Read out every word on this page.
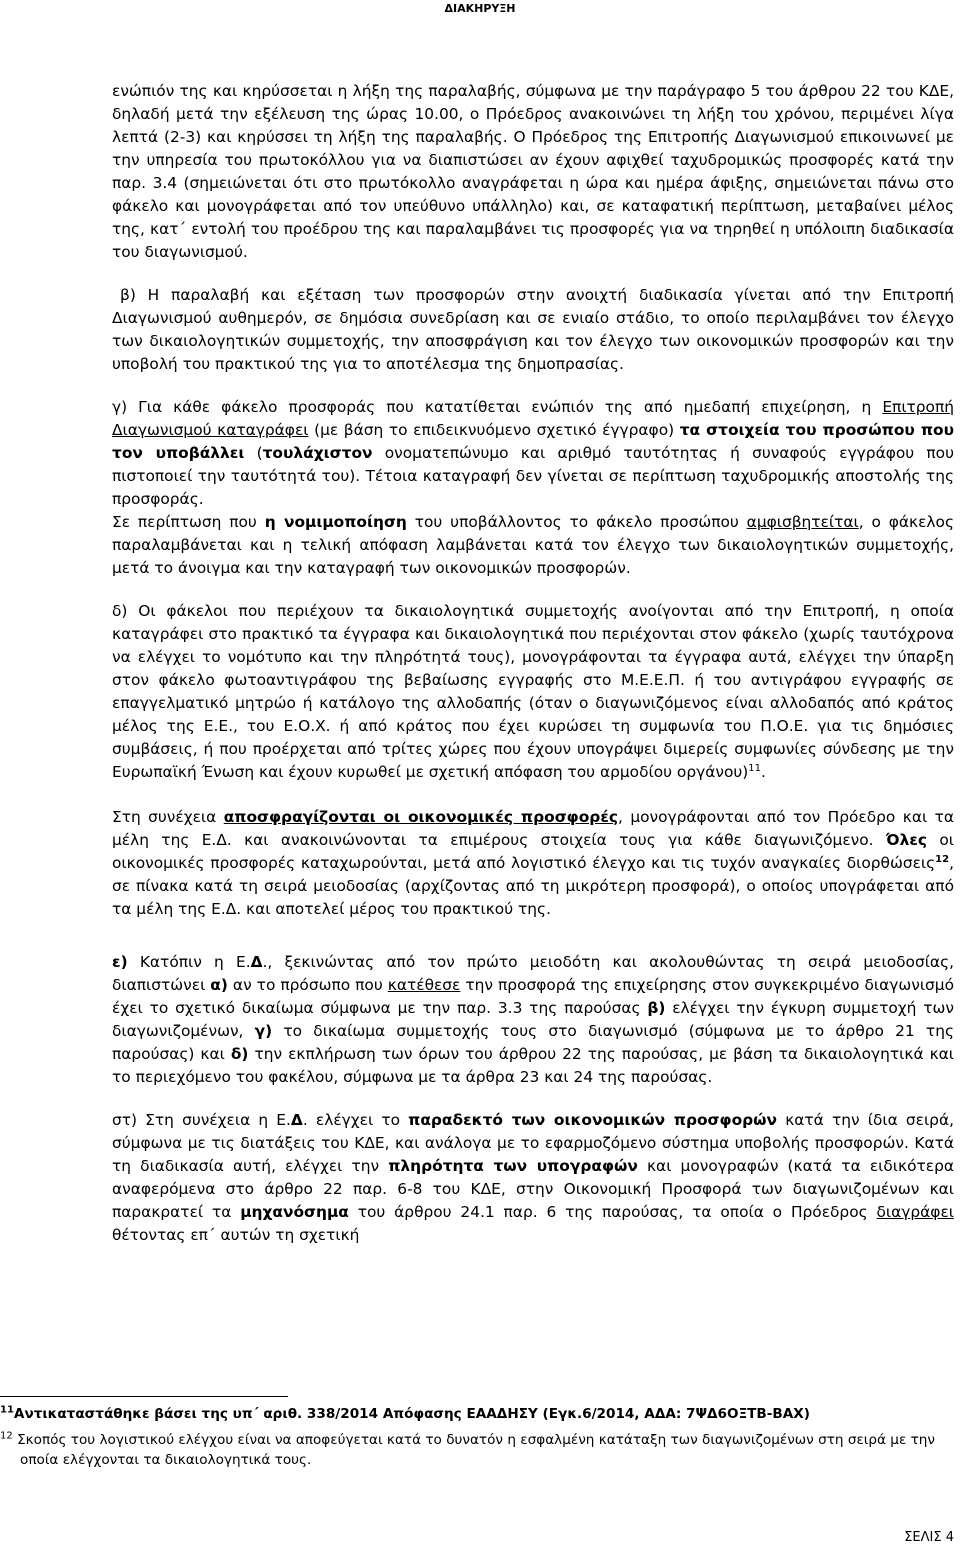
ΔΙΑΚΗΡΥΞΗ

ενώπιόν της και κηρύσσεται η λήξη της παραλαβής, σύμφωνα με την παράγραφο 5 του άρθρου 22 του ΚΔΕ, δηλαδή μετά την εξέλευση της ώρας 10.00, ο Πρόεδρος ανακοινώνει τη λήξη του χρόνου, περιμένει λίγα λεπτά (2-3) και κηρύσσει τη λήξη της παραλαβής. Ο Πρόεδρος της Επιτροπής Διαγωνισμού επικοινωνεί με την υπηρεσία του πρωτοκόλλου για να διαπιστώσει αν έχουν αφιχθεί ταχυδρομικώς προσφορές κατά την παρ. 3.4 (σημειώνεται ότι στο πρωτόκολλο αναγράφεται η ώρα και ημέρα άφιξης, σημειώνεται πάνω στο φάκελο και μονογράφεται από τον υπεύθυνο υπάλληλο) και, σε καταφατική περίπτωση, μεταβαίνει μέλος της, κατ΄ εντολή του προέδρου της και παραλαμβάνει τις προσφορές για να τηρηθεί η υπόλοιπη διαδικασία του διαγωνισμού.

β) Η παραλαβή και εξέταση των προσφορών στην ανοιχτή διαδικασία γίνεται από την Επιτροπή Διαγωνισμού αυθημερόν, σε δημόσια συνεδρίαση και σε ενιαίο στάδιο, το οποίο περιλαμβάνει τον έλεγχο των δικαιολογητικών συμμετοχής, την αποσφράγιση και τον έλεγχο των οικονομικών προσφορών και την υποβολή του πρακτικού της για το αποτέλεσμα της δημοπρασίας.

γ) Για κάθε φάκελο προσφοράς που κατατίθεται ενώπιόν της από ημεδαπή επιχείρηση, η Επιτροπή Διαγωνισμού καταγράφει (με βάση το επιδεικνυόμενο σχετικό έγγραφο) τα στοιχεία του προσώπου που τον υποβάλλει (τουλάχιστον ονοματεπώνυμο και αριθμό ταυτότητας ή συναφούς εγγράφου που πιστοποιεί την ταυτότητά του). Τέτοια καταγραφή δεν γίνεται σε περίπτωση ταχυδρομικής αποστολής της προσφοράς.

Σε περίπτωση που η νομιμοποίηση του υποβάλλοντος το φάκελο προσώπου αμφισβητείται, ο φάκελος παραλαμβάνεται και η τελική απόφαση λαμβάνεται κατά τον έλεγχο των δικαιολογητικών συμμετοχής, μετά το άνοιγμα και την καταγραφή των οικονομικών προσφορών.

δ) Οι φάκελοι που περιέχουν τα δικαιολογητικά συμμετοχής ανοίγονται από την Επιτροπή, η οποία καταγράφει στο πρακτικό τα έγγραφα και δικαιολογητικά που περιέχονται στον φάκελο (χωρίς ταυτόχρονα να ελέγχει το νομότυπο και την πληρότητά τους), μονογράφονται τα έγγραφα αυτά, ελέγχει την ύπαρξη στον φάκελο φωτοαντιγράφου της βεβαίωσης εγγραφής στο Μ.Ε.Ε.Π. ή του αντιγράφου εγγραφής σε επαγγελματικό μητρώο ή κατάλογο της αλλοδαπής (όταν ο διαγωνιζόμενος είναι αλλοδαπός από κράτος μέλος της Ε.Ε., του Ε.Ο.Χ. ή από κράτος που έχει κυρώσει τη συμφωνία του Π.Ο.Ε. για τις δημόσιες συμβάσεις, ή που προέρχεται από τρίτες χώρες που έχουν υπογράψει διμερείς συμφωνίες σύνδεσης με την Ευρωπαϊκή Ένωση και έχουν κυρωθεί με σχετική απόφαση του αρμοδίου οργάνου)$^{11}$.

Στη συνέχεια αποσφραγίζονται οι οικονομικές προσφορές, μονογράφονται από τον Πρόεδρο και τα μέλη της Ε.Δ. και ανακοινώνονται τα επιμέρους στοιχεία τους για κάθε διαγωνιζόμενο. Όλες οι οικονομικές προσφορές καταχωρούνται, μετά από λογιστικό έλεγχο και τις τυχόν αναγκαίες διορθώσεις$^{12}$, σε πίνακα κατά τη σειρά μειοδοσίας (αρχίζοντας από τη μικρότερη προσφορά), ο οποίος υπογράφεται από τα μέλη της Ε.Δ. και αποτελεί μέρος του πρακτικού της.

ε) Κατόπιν η Ε.Δ., ξεκινώντας από τον πρώτο μειοδότη και ακολουθώντας τη σειρά μειοδοσίας, διαπιστώνει α) αν το πρόσωπο που κατέθεσε την προσφορά της επιχείρησης στον συγκεκριμένο διαγωνισμό έχει το σχετικό δικαίωμα σύμφωνα με την παρ. 3.3 της παρούσας β) ελέγχει την έγκυρη συμμετοχή των διαγωνιζομένων, γ) το δικαίωμα συμμετοχής τους στο διαγωνισμό (σύμφωνα με το άρθρο 21 της παρούσας) και δ) την εκπλήρωση των όρων του άρθρου 22 της παρούσας, με βάση τα δικαιολογητικά και το περιεχόμενο του φακέλου, σύμφωνα με τα άρθρα 23 και 24 της παρούσας.

στ) Στη συνέχεια η Ε.Δ. ελέγχει το παραδεκτό των οικονομικών προσφορών κατά την ίδια σειρά, σύμφωνα με τις διατάξεις του ΚΔΕ, και ανάλογα με το εφαρμοζόμενο σύστημα υποβολής προσφορών. Κατά τη διαδικασία αυτή, ελέγχει την πληρότητα των υπογραφών και μονογραφών (κατά τα ειδικότερα αναφερόμενα στο άρθρο 22 παρ. 6-8 του ΚΔΕ, στην Οικονομική Προσφορά των διαγωνιζομένων και παρακρατεί τα μηχανόσημα του άρθρου 24.1 παρ. 6 της παρούσας, τα οποία ο Πρόεδρος διαγράφει θέτοντας επ΄ αυτών τη σχετική

$^{11}$Αντικαταστάθηκε βάσει της υπ΄ αριθ. 338/2014 Απόφασης ΕΑΑΔΗΣΥ (Εγκ.6/2014, ΑΔΑ: 7ΨΔ6ΟΞΤΒ-ΒΑΧ)

$^{12}$ Σκοπός του λογιστικού ελέγχου είναι να αποφεύγεται κατά το δυνατόν η εσφαλμένη κατάταξη των διαγωνιζομένων στη σειρά με την οποία ελέγχονται τα δικαιολογητικά τους.

ΣΕΛΙΣ 4
